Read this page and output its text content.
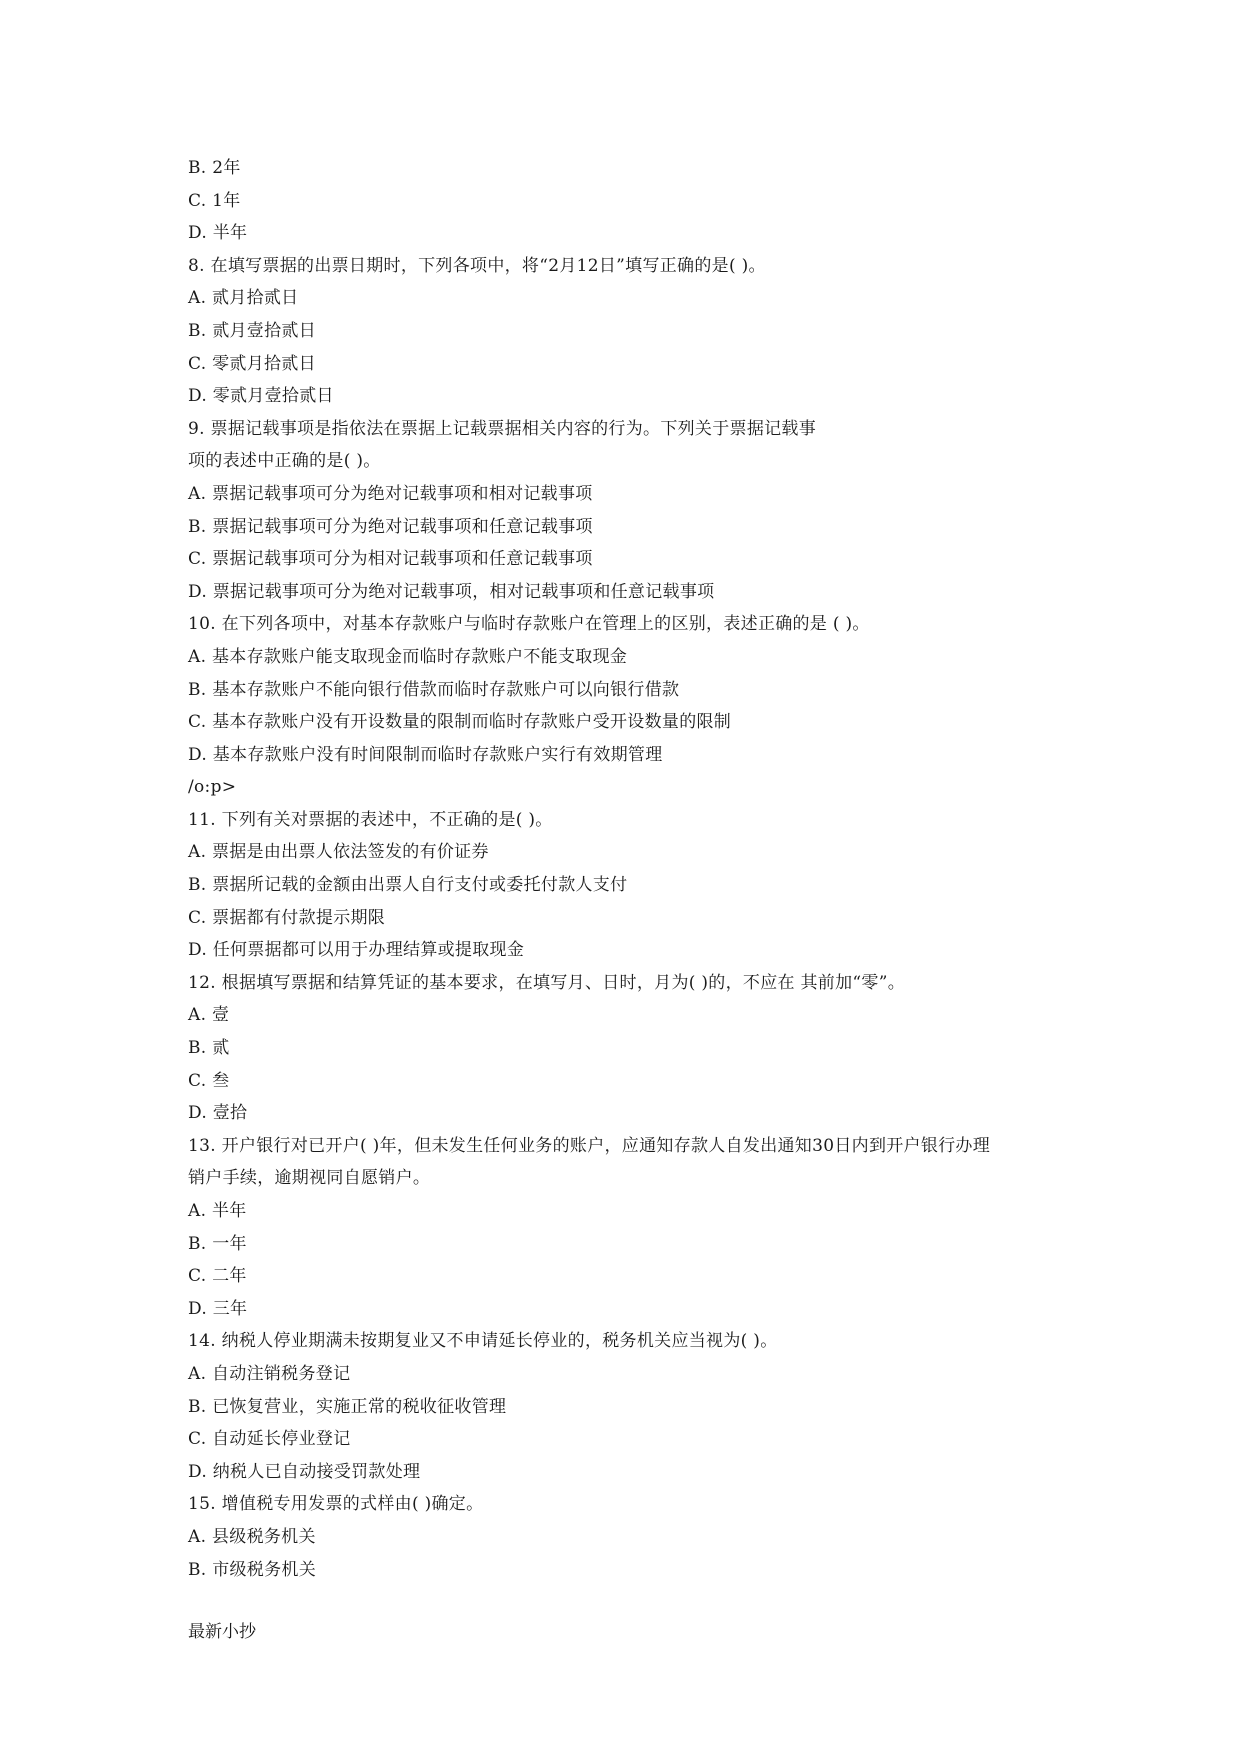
B. 2年
C. 1年
D. 半年
8. 在填写票据的出票日期时，下列各项中，将“2月12日”填写正确的是( )。
A. 贰月拾贰日
B. 贰月壹拾贰日
C. 零贰月拾贰日
D. 零贰月壹拾贰日
9. 票据记载事项是指依法在票据上记载票据相关内容的行为。下列关于票据记载事
项的表述中正确的是( )。
A. 票据记载事项可分为绝对记载事项和相对记载事项
B. 票据记载事项可分为绝对记载事项和任意记载事项
C. 票据记载事项可分为相对记载事项和任意记载事项
D. 票据记载事项可分为绝对记载事项，相对记载事项和任意记载事项
10. 在下列各项中，对基本存款账户与临时存款账户在管理上的区别，表述正确的是 ( )。
A. 基本存款账户能支取现金而临时存款账户不能支取现金
B. 基本存款账户不能向银行借款而临时存款账户可以向银行借款
C. 基本存款账户没有开设数量的限制而临时存款账户受开设数量的限制
D. 基本存款账户没有时间限制而临时存款账户实行有效期管理
/o:p>
11. 下列有关对票据的表述中，不正确的是( )。
A. 票据是由出票人依法签发的有价证券
B. 票据所记载的金额由出票人自行支付或委托付款人支付
C. 票据都有付款提示期限
D. 任何票据都可以用于办理结算或提取现金
12. 根据填写票据和结算凭证的基本要求，在填写月、日时，月为( )的，不应在 其前加“零”。
A. 壹
B. 贰
C. 叁
D. 壹拾
13. 开户银行对已开户( )年，但未发生任何业务的账户，应通知存款人自发出通知30日内到开户银行办理
销户手续，逾期视同自愿销户。
A. 半年
B. 一年
C. 二年
D. 三年
14. 纳税人停业期满未按期复业又不申请延长停业的，税务机关应当视为( )。
A. 自动注销税务登记
B. 已恢复营业，实施正常的税收征收管理
C. 自动延长停业登记
D. 纳税人已自动接受罚款处理
15. 增值税专用发票的式样由( )确定。
A. 县级税务机关
B. 市级税务机关
最新小抄
